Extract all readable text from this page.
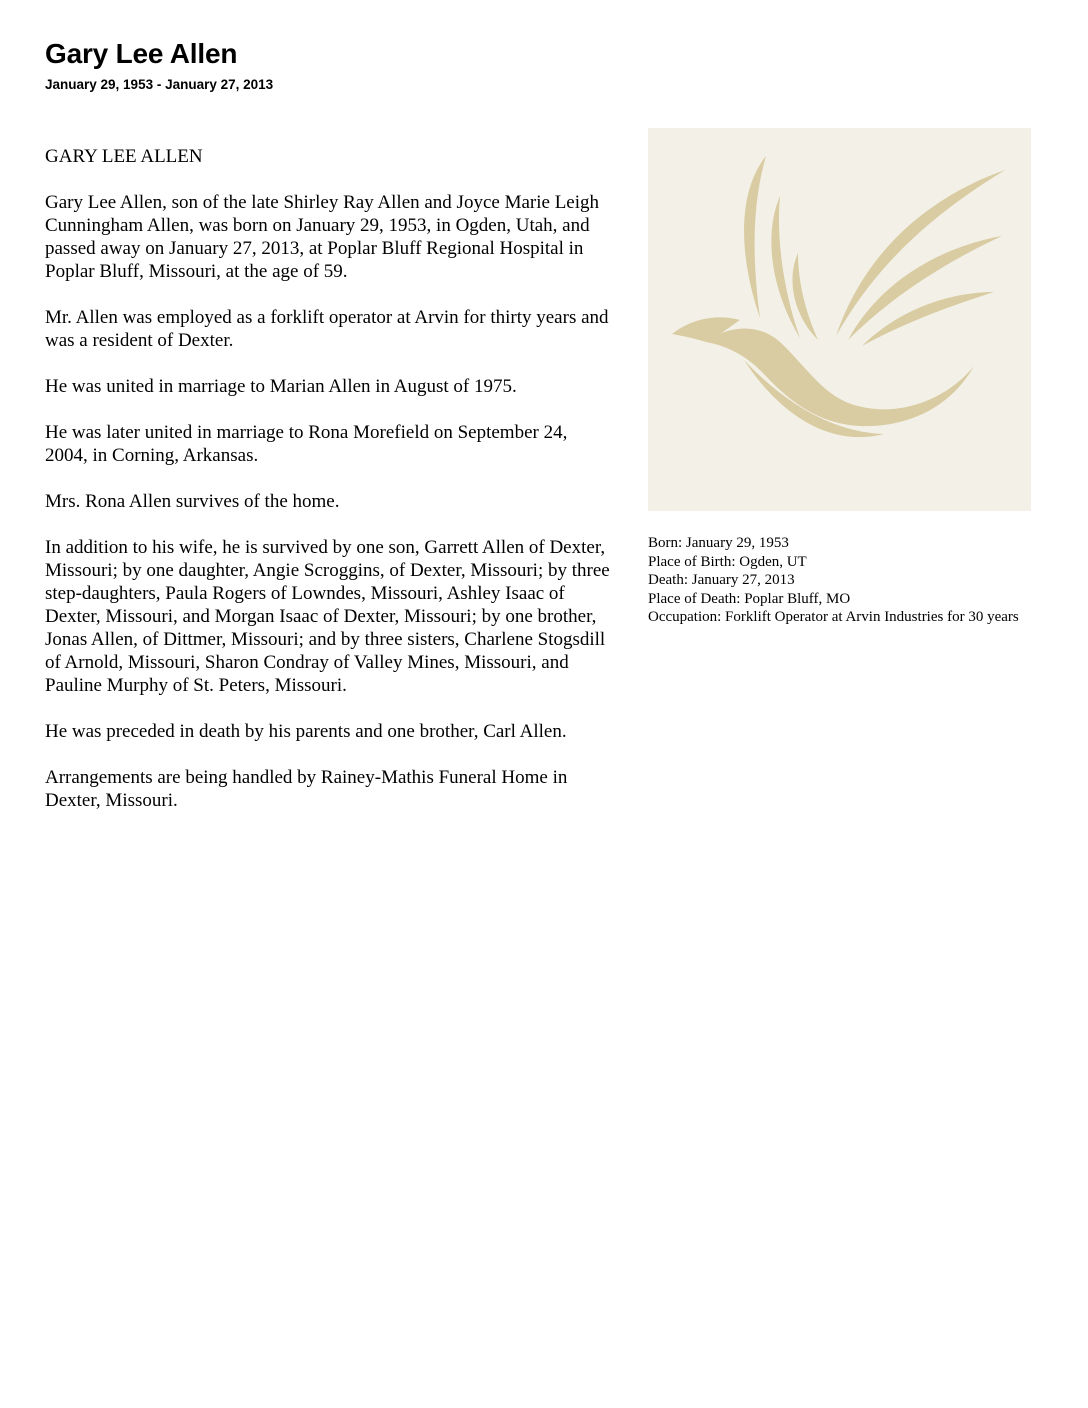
Gary Lee Allen
January 29, 1953 - January 27, 2013

GARY LEE ALLEN

Gary Lee Allen, son of the late Shirley Ray Allen and Joyce Marie Leigh Cunningham Allen, was born on January 29, 1953, in Ogden, Utah, and passed away on January 27, 2013, at Poplar Bluff Regional Hospital in Poplar Bluff, Missouri, at the age of 59.

Mr. Allen was employed as a forklift operator at Arvin for thirty years and was a resident of Dexter.

He was united in marriage to Marian Allen in August of 1975.

He was later united in marriage to Rona Morefield on September 24, 2004, in Corning, Arkansas.

Mrs. Rona Allen survives of the home.

In addition to his wife, he is survived by one son, Garrett Allen of Dexter, Missouri; by one daughter, Angie Scroggins, of Dexter, Missouri; by three step-daughters, Paula Rogers of Lowndes, Missouri, Ashley Isaac of Dexter, Missouri, and Morgan Isaac of Dexter, Missouri; by one brother, Jonas Allen, of Dittmer, Missouri; and by three sisters, Charlene Stogsdill of Arnold, Missouri, Sharon Condray of Valley Mines, Missouri, and Pauline Murphy of St. Peters, Missouri.

He was preceded in death by his parents and one brother, Carl Allen.

Arrangements are being handled by Rainey-Mathis Funeral Home in Dexter, Missouri.

Born: January 29, 1953
Place of Birth: Ogden, UT
Death: January 27, 2013
Place of Death: Poplar Bluff, MO
Occupation: Forklift Operator at Arvin Industries for 30 years
